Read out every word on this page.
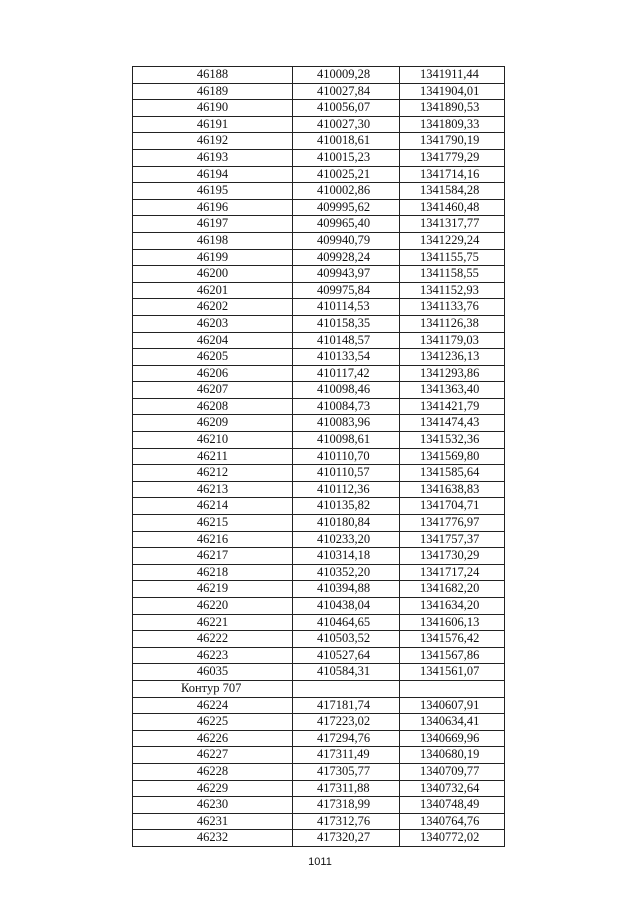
46188	410009,28	1341911,44
46189	410027,84	1341904,01
46190	410056,07	1341890,53
46191	410027,30	1341809,33
46192	410018,61	1341790,19
46193	410015,23	1341779,29
46194	410025,21	1341714,16
46195	410002,86	1341584,28
46196	409995,62	1341460,48
46197	409965,40	1341317,77
46198	409940,79	1341229,24
46199	409928,24	1341155,75
46200	409943,97	1341158,55
46201	409975,84	1341152,93
46202	410114,53	1341133,76
46203	410158,35	1341126,38
46204	410148,57	1341179,03
46205	410133,54	1341236,13
46206	410117,42	1341293,86
46207	410098,46	1341363,40
46208	410084,73	1341421,79
46209	410083,96	1341474,43
46210	410098,61	1341532,36
46211	410110,70	1341569,80
46212	410110,57	1341585,64
46213	410112,36	1341638,83
46214	410135,82	1341704,71
46215	410180,84	1341776,97
46216	410233,20	1341757,37
46217	410314,18	1341730,29
46218	410352,20	1341717,24
46219	410394,88	1341682,20
46220	410438,04	1341634,20
46221	410464,65	1341606,13
46222	410503,52	1341576,42
46223	410527,64	1341567,86
46035	410584,31	1341561,07
Контур 707		
46224	417181,74	1340607,91
46225	417223,02	1340634,41
46226	417294,76	1340669,96
46227	417311,49	1340680,19
46228	417305,77	1340709,77
46229	417311,88	1340732,64
46230	417318,99	1340748,49
46231	417312,76	1340764,76
46232	417320,27	1340772,02
1011
